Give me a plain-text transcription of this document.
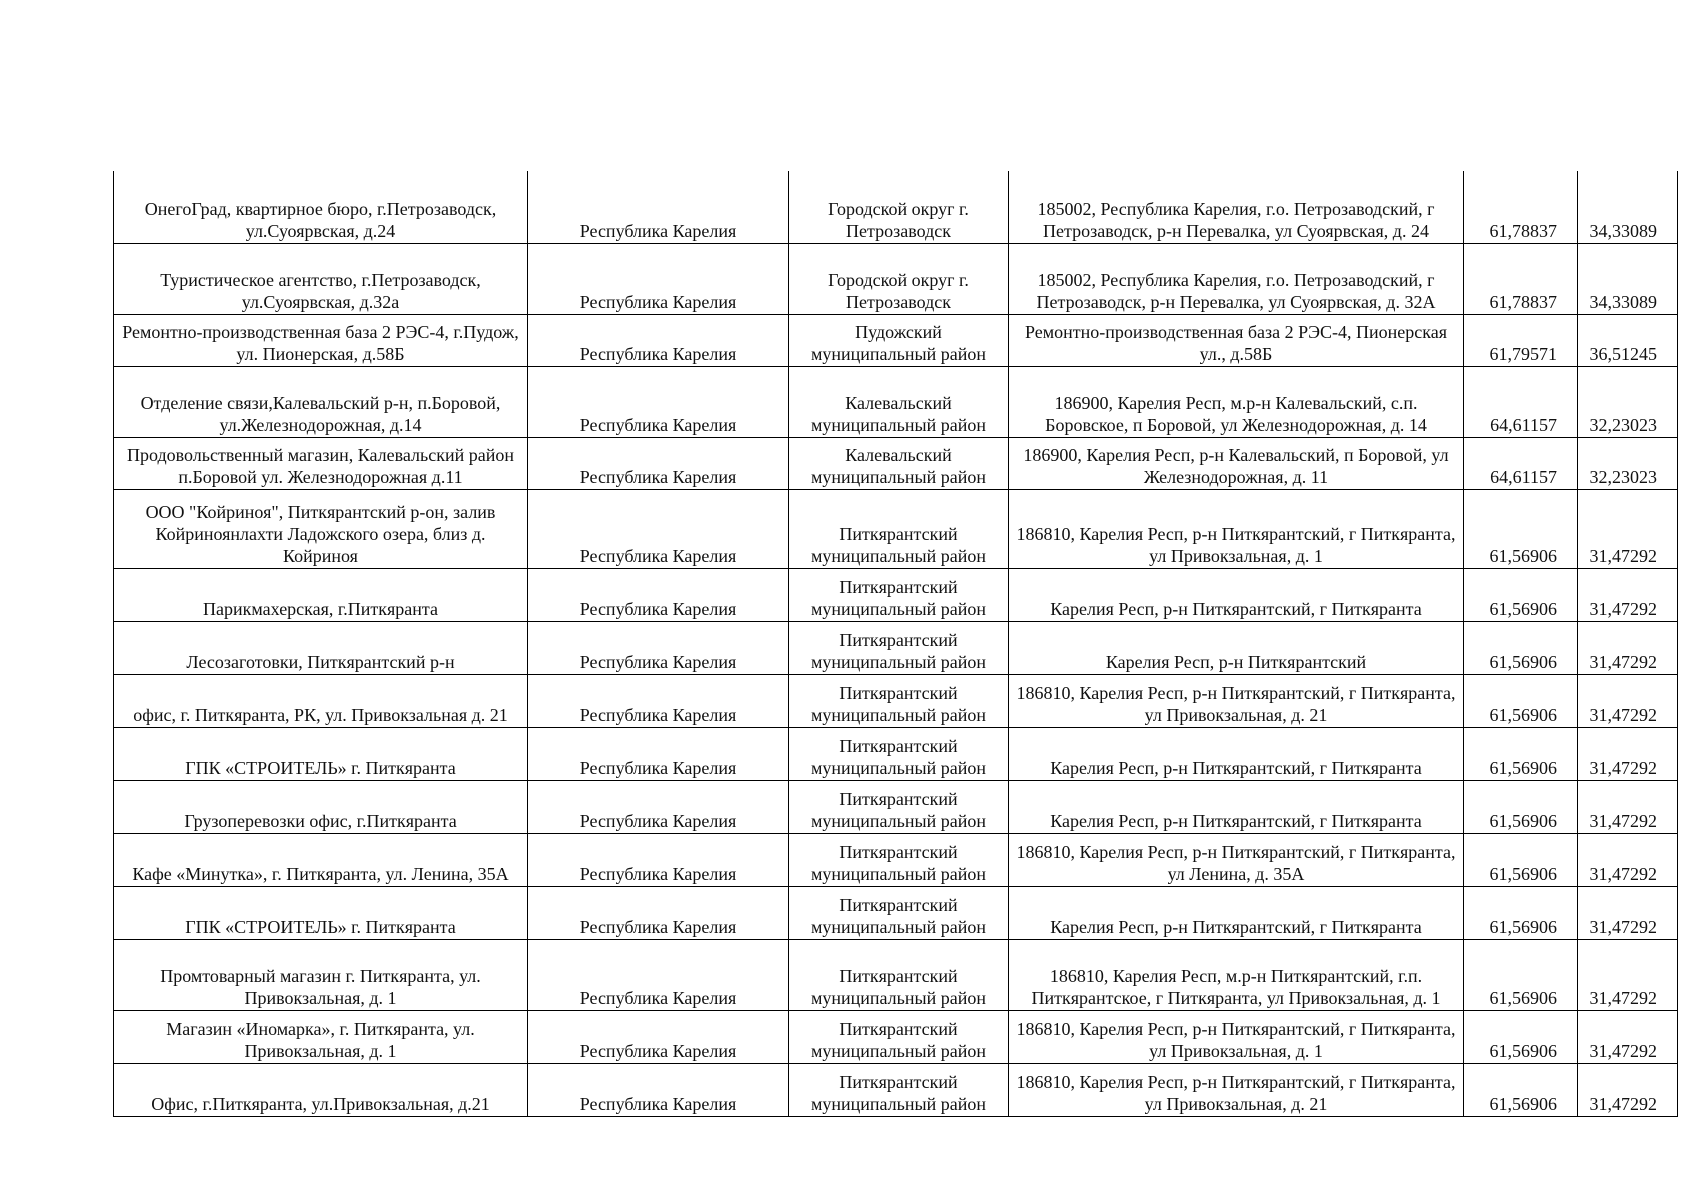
ОнегоГрад, квартирное бюро, г.Петрозаводск, ул.Суоярвская, д.24	Республика Карелия	Городской округ г. Петрозаводск	185002, Республика Карелия, г.о. Петрозаводский, г Петрозаводск, р-н Перевалка, ул Суоярвская, д. 24	61,78837	34,33089
Туристическое агентство, г.Петрозаводск, ул.Суоярвская, д.32а	Республика Карелия	Городской округ г. Петрозаводск	185002, Республика Карелия, г.о. Петрозаводский, г Петрозаводск, р-н Перевалка, ул Суоярвская, д. 32А	61,78837	34,33089
Ремонтно-производственная база 2 РЭС-4, г.Пудож, ул. Пионерская, д.58Б	Республика Карелия	Пудожский муниципальный район	Ремонтно-производственная база 2 РЭС-4, Пионерская ул., д.58Б	61,79571	36,51245
Отделение связи,Калевальский р-н, п.Боровой, ул.Железнодорожная, д.14	Республика Карелия	Калевальский муниципальный район	186900, Карелия Респ, м.р-н Калевальский, с.п. Боровское, п Боровой, ул Железнодорожная, д. 14	64,61157	32,23023
Продовольственный магазин, Калевальский район п.Боровой ул. Железнодорожная д.11	Республика Карелия	Калевальский муниципальный район	186900, Карелия Респ, р-н Калевальский, п Боровой, ул Железнодорожная, д. 11	64,61157	32,23023
ООО "Койриноя", Питкярантский р-он, залив Койриноянлахти Ладожского озера, близ д. Койриноя	Республика Карелия	Питкярантский муниципальный район	186810, Карелия Респ, р-н Питкярантский, г Питкяранта, ул Привокзальная, д. 1	61,56906	31,47292
Парикмахерская, г.Питкяранта	Республика Карелия	Питкярантский муниципальный район	Карелия Респ, р-н Питкярантский, г Питкяранта	61,56906	31,47292
Лесозаготовки, Питкярантский р-н	Республика Карелия	Питкярантский муниципальный район	Карелия Респ, р-н Питкярантский	61,56906	31,47292
офис, г. Питкяранта, РК, ул. Привокзальная д. 21	Республика Карелия	Питкярантский муниципальный район	186810, Карелия Респ, р-н Питкярантский, г Питкяранта, ул Привокзальная, д. 21	61,56906	31,47292
ГПК «СТРОИТЕЛЬ» г. Питкяранта	Республика Карелия	Питкярантский муниципальный район	Карелия Респ, р-н Питкярантский, г Питкяранта	61,56906	31,47292
Грузоперевозки офис, г.Питкяранта	Республика Карелия	Питкярантский муниципальный район	Карелия Респ, р-н Питкярантский, г Питкяранта	61,56906	31,47292
Кафе «Минутка», г. Питкяранта, ул. Ленина, 35А	Республика Карелия	Питкярантский муниципальный район	186810, Карелия Респ, р-н Питкярантский, г Питкяранта, ул Ленина, д. 35А	61,56906	31,47292
ГПК «СТРОИТЕЛЬ» г. Питкяранта	Республика Карелия	Питкярантский муниципальный район	Карелия Респ, р-н Питкярантский, г Питкяранта	61,56906	31,47292
Промтоварный магазин г. Питкяранта, ул. Привокзальная, д. 1	Республика Карелия	Питкярантский муниципальный район	186810, Карелия Респ, м.р-н Питкярантский, г.п. Питкярантское, г Питкяранта, ул Привокзальная, д. 1	61,56906	31,47292
Магазин «Иномарка», г. Питкяранта, ул. Привокзальная, д. 1	Республика Карелия	Питкярантский муниципальный район	186810, Карелия Респ, р-н Питкярантский, г Питкяранта, ул Привокзальная, д. 1	61,56906	31,47292
Офис, г.Питкяранта, ул.Привокзальная, д.21	Республика Карелия	Питкярантский муниципальный район	186810, Карелия Респ, р-н Питкярантский, г Питкяранта, ул Привокзальная, д. 21	61,56906	31,47292
